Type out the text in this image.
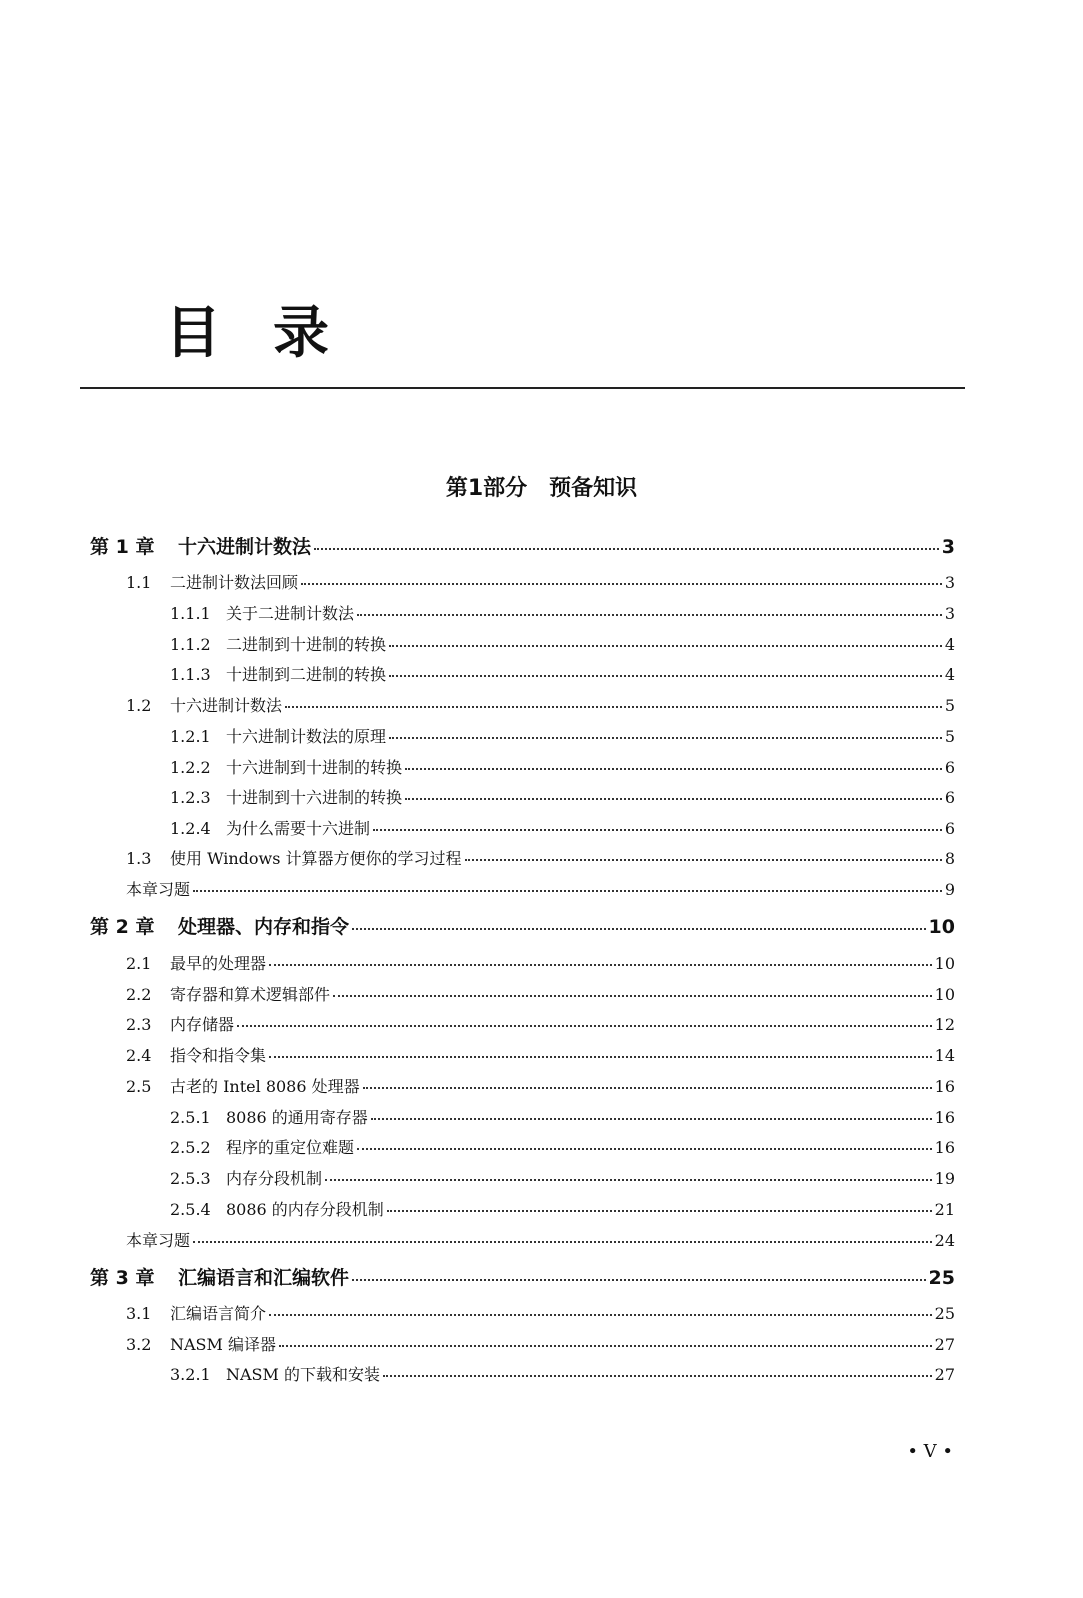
目录
第1部分　预备知识
第 1 章	十六进制计数法	3
1.1	二进制计数法回顾	3
1.1.1 关于二进制计数法	3
1.1.2 二进制到十进制的转换	4
1.1.3 十进制到二进制的转换	4
1.2	十六进制计数法	5
1.2.1 十六进制计数法的原理	5
1.2.2 十六进制到十进制的转换	6
1.2.3 十进制到十六进制的转换	6
1.2.4 为什么需要十六进制	6
1.3	使用 Windows 计算器方便你的学习过程	8
本章习题	9
第 2 章	处理器、内存和指令	10
2.1	最早的处理器	10
2.2	寄存器和算术逻辑部件	10
2.3	内存储器	12
2.4	指令和指令集	14
2.5	古老的 Intel 8086 处理器	16
2.5.1 8086 的通用寄存器	16
2.5.2 程序的重定位难题	16
2.5.3 内存分段机制	19
2.5.4 8086 的内存分段机制	21
本章习题	24
第 3 章	汇编语言和汇编软件	25
3.1	汇编语言简介	25
3.2	NASM 编译器	27
3.2.1 NASM 的下载和安装	27
• V •
